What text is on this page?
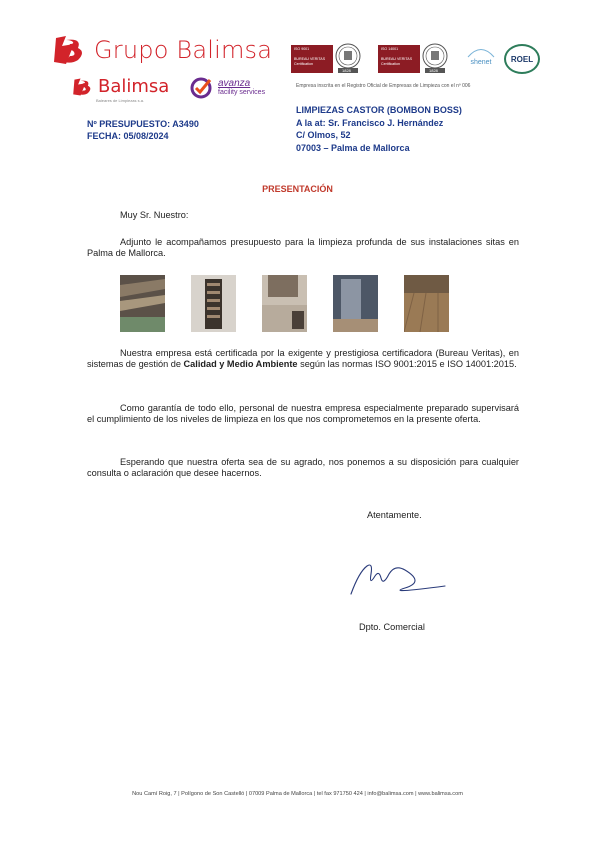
Grupo Balimsa
Balimsa
Baleares de Limpiezas s.a.
avanza
facility services
ISO 9001
BUREAU VERITAS
Certification
1828
ISO 14001
BUREAU VERITAS
Certification
1828
shenet	ROEL
Empresa inscrita en el Registro Oficial de Empresas de Limpieza con el nº 006
Nº PRESUPUESTO: A3490
FECHA: 05/08/2024
LIMPIEZAS CASTOR (BOMBON BOSS)
A la at: Sr. Francisco J. Hernández
C/ Olmos, 52
07003 – Palma de Mallorca
PRESENTACIÓN

Muy Sr. Nuestro:

Adjunto le acompañamos presupuesto para la limpieza profunda de sus instalaciones sitas en Palma de Mallorca.

Nuestra empresa está certificada por la exigente y prestigiosa certificadora (Bureau Veritas), en sistemas de gestión de Calidad y Medio Ambiente según las normas ISO 9001:2015 e ISO 14001:2015.

Como garantía de todo ello, personal de nuestra empresa especialmente preparado supervisará el cumplimiento de los niveles de limpieza en los que nos comprometemos en la presente oferta.

Esperando que nuestra oferta sea de su agrado, nos ponemos a su disposición para cualquier consulta o aclaración que desee hacernos.

Atentamente.
Dpto. Comercial
Nou Camí Roig, 7 | Polígono de Son Castelló | 07009 Palma de Mallorca | tel fax 971750 424 | info@balimsa.com | www.balimsa.com
